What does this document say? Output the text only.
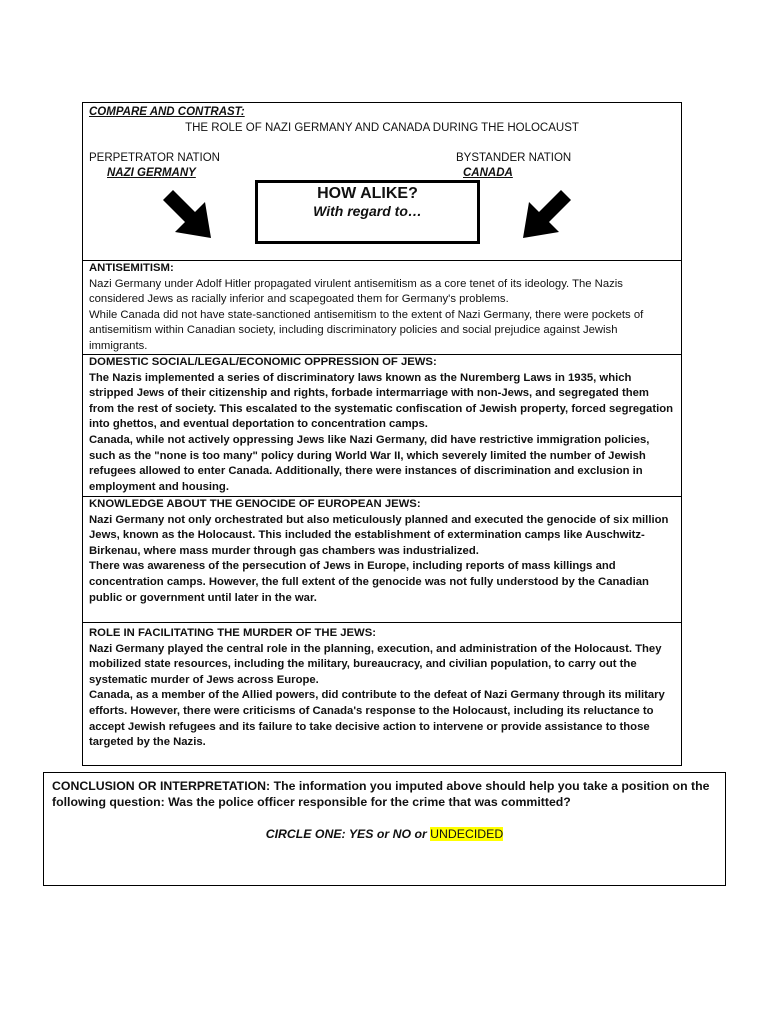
COMPARE AND CONTRAST:
THE ROLE OF NAZI GERMANY AND CANADA DURING THE HOLOCAUST
PERPETRATOR NATION
NAZI GERMANY
BYSTANDER NATION
CANADA
HOW ALIKE?
With regard to…

ANTISEMITISM:

Nazi Germany under Adolf Hitler propagated virulent antisemitism as a core tenet of its ideology. The Nazis considered Jews as racially inferior and scapegoated them for Germany's problems.

While Canada did not have state-sanctioned antisemitism to the extent of Nazi Germany, there were pockets of antisemitism within Canadian society, including discriminatory policies and social prejudice against Jewish immigrants.

DOMESTIC SOCIAL/LEGAL/ECONOMIC OPPRESSION OF JEWS:

The Nazis implemented a series of discriminatory laws known as the Nuremberg Laws in 1935, which stripped Jews of their citizenship and rights, forbade intermarriage with non-Jews, and segregated them from the rest of society. This escalated to the systematic confiscation of Jewish property, forced segregation into ghettos, and eventual deportation to concentration camps.

Canada, while not actively oppressing Jews like Nazi Germany, did have restrictive immigration policies, such as the "none is too many" policy during World War II, which severely limited the number of Jewish refugees allowed to enter Canada. Additionally, there were instances of discrimination and exclusion in employment and housing.

KNOWLEDGE ABOUT THE GENOCIDE OF EUROPEAN JEWS:

Nazi Germany not only orchestrated but also meticulously planned and executed the genocide of six million Jews, known as the Holocaust. This included the establishment of extermination camps like Auschwitz-Birkenau, where mass murder through gas chambers was industrialized.

There was awareness of the persecution of Jews in Europe, including reports of mass killings and concentration camps. However, the full extent of the genocide was not fully understood by the Canadian public or government until later in the war.

ROLE IN FACILITATING THE MURDER OF THE JEWS:

Nazi Germany played the central role in the planning, execution, and administration of the Holocaust. They mobilized state resources, including the military, bureaucracy, and civilian population, to carry out the systematic murder of Jews across Europe.

Canada, as a member of the Allied powers, did contribute to the defeat of Nazi Germany through its military efforts. However, there were criticisms of Canada's response to the Holocaust, including its reluctance to accept Jewish refugees and its failure to take decisive action to intervene or provide assistance to those targeted by the Nazis.

CONCLUSION OR INTERPRETATION: The information you imputed above should help you take a position on the following question: Was the police officer responsible for the crime that was committed?
CIRCLE ONE: YES or NO or UNDECIDED
